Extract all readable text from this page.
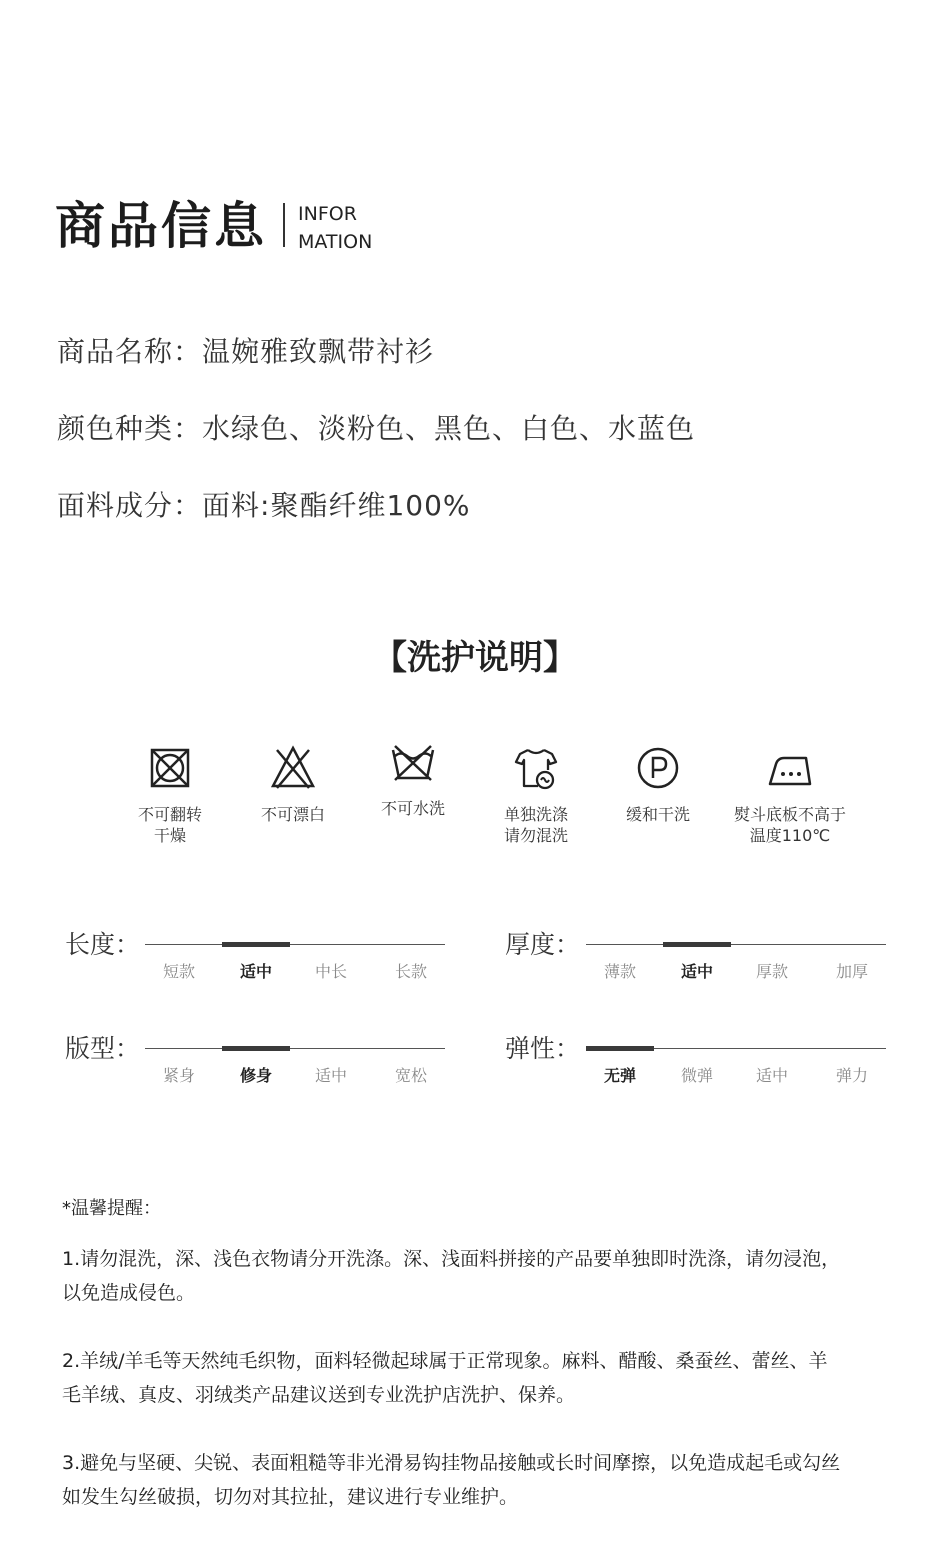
商品信息 INFOR
MATION
商品名称：温婉雅致飘带衬衫
颜色种类：水绿色、淡粉色、黑色、白色、水蓝色
面料成分：面料:聚酯纤维100%
【洗护说明】
不可翻转
干燥
不可漂白	不可水洗	单独洗涤
请勿混洗
缓和干洗	熨斗底板不高于
温度110℃
长度：
短款	适中	中长	长款
厚度：
薄款	适中	厚款	加厚
版型：
紧身	修身	适中	宽松
弹性：
无弹	微弹	适中	弹力
*温馨提醒：
1.请勿混洗，深、浅色衣物请分开洗涤。深、浅面料拼接的产品要单独即时洗涤，请勿浸泡，
以免造成侵色。
2.羊绒/羊毛等天然纯毛织物，面料轻微起球属于正常现象。麻料、醋酸、桑蚕丝、蕾丝、羊
毛羊绒、真皮、羽绒类产品建议送到专业洗护店洗护、保养。
3.避免与坚硬、尖锐、表面粗糙等非光滑易钩挂物品接触或长时间摩擦，以免造成起毛或勾丝
如发生勾丝破损，切勿对其拉扯，建议进行专业维护。
